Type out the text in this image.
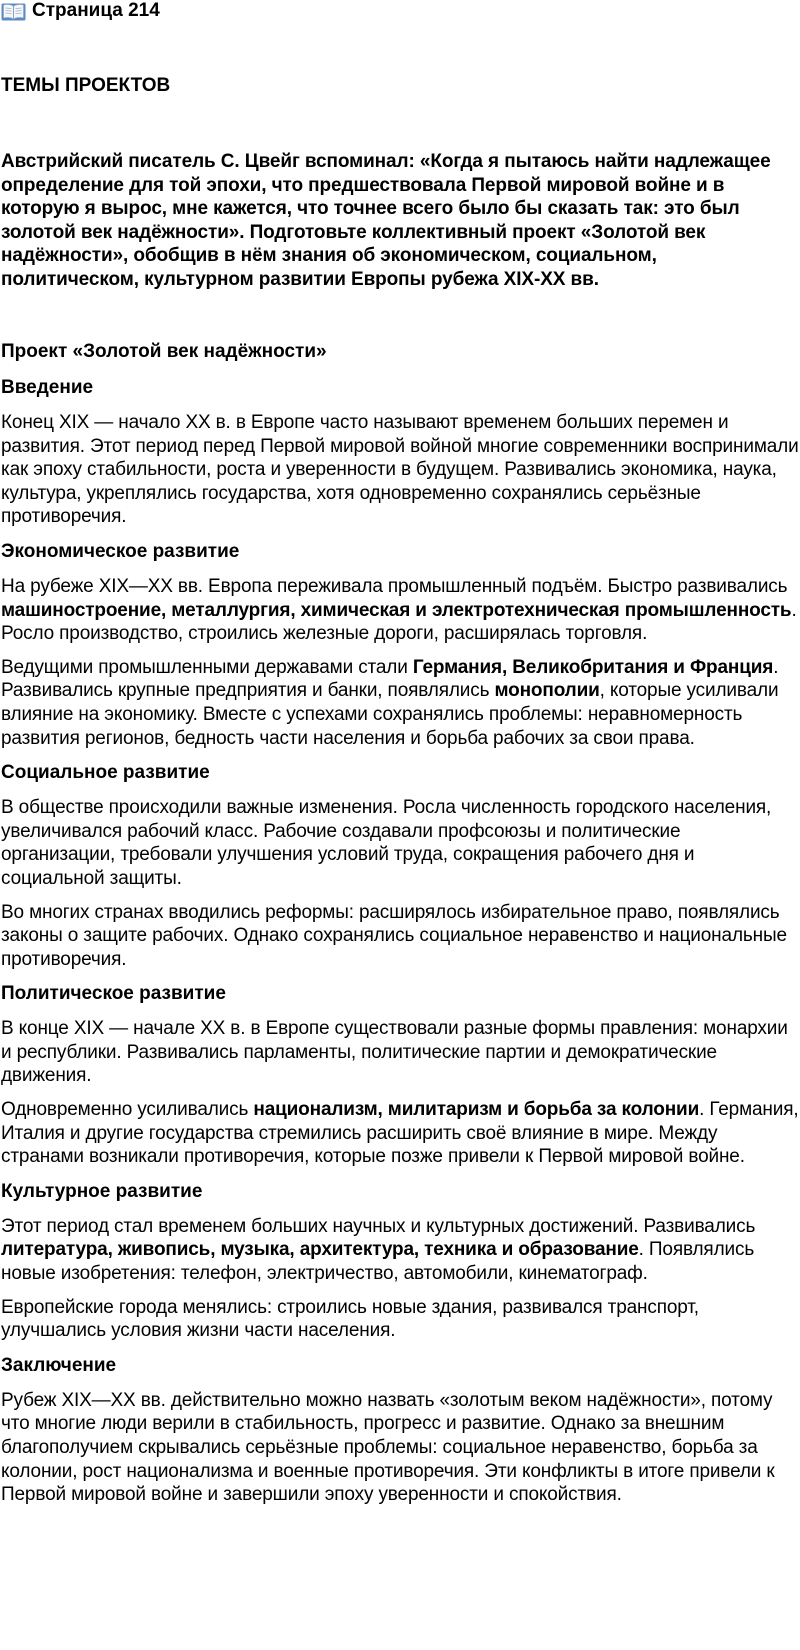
Страница 214
ТЕМЫ ПРОЕКТОВ
Австрийский писатель С. Цвейг вспоминал: «Когда я пытаюсь найти надлежащее определение для той эпохи, что предшествовала Первой мировой войне и в которую я вырос, мне кажется, что точнее всего было бы сказать так: это был золотой век надёжности». Подготовьте коллективный проект «Золотой век надёжности», обобщив в нём знания об экономическом, социальном, политическом, культурном развитии Европы рубежа XIX-XX вв.
Проект «Золотой век надёжности»
Введение

Конец XIX — начало XX в. в Европе часто называют временем больших перемен и развития. Этот период перед Первой мировой войной многие современники воспринимали как эпоху стабильности, роста и уверенности в будущем. Развивались экономика, наука, культура, укреплялись государства, хотя одновременно сохранялись серьёзные противоречия.

Экономическое развитие

На рубеже XIX—XX вв. Европа переживала промышленный подъём. Быстро развивались машиностроение, металлургия, химическая и электротехническая промышленность. Росло производство, строились железные дороги, расширялась торговля.

Ведущими промышленными державами стали Германия, Великобритания и Франция. Развивались крупные предприятия и банки, появлялись монополии, которые усиливали влияние на экономику. Вместе с успехами сохранялись проблемы: неравномерность развития регионов, бедность части населения и борьба рабочих за свои права.

Социальное развитие

В обществе происходили важные изменения. Росла численность городского населения, увеличивался рабочий класс. Рабочие создавали профсоюзы и политические организации, требовали улучшения условий труда, сокращения рабочего дня и социальной защиты.

Во многих странах вводились реформы: расширялось избирательное право, появлялись законы о защите рабочих. Однако сохранялись социальное неравенство и национальные противоречия.

Политическое развитие

В конце XIX — начале XX в. в Европе существовали разные формы правления: монархии и республики. Развивались парламенты, политические партии и демократические движения.

Одновременно усиливались национализм, милитаризм и борьба за колонии. Германия, Италия и другие государства стремились расширить своё влияние в мире. Между странами возникали противоречия, которые позже привели к Первой мировой войне.

Культурное развитие

Этот период стал временем больших научных и культурных достижений. Развивались литература, живопись, музыка, архитектура, техника и образование. Появлялись новые изобретения: телефон, электричество, автомобили, кинематограф.

Европейские города менялись: строились новые здания, развивался транспорт, улучшались условия жизни части населения.

Заключение

Рубеж XIX—XX вв. действительно можно назвать «золотым веком надёжности», потому что многие люди верили в стабильность, прогресс и развитие. Однако за внешним благополучием скрывались серьёзные проблемы: социальное неравенство, борьба за колонии, рост национализма и военные противоречия. Эти конфликты в итоге привели к Первой мировой войне и завершили эпоху уверенности и спокойствия.
